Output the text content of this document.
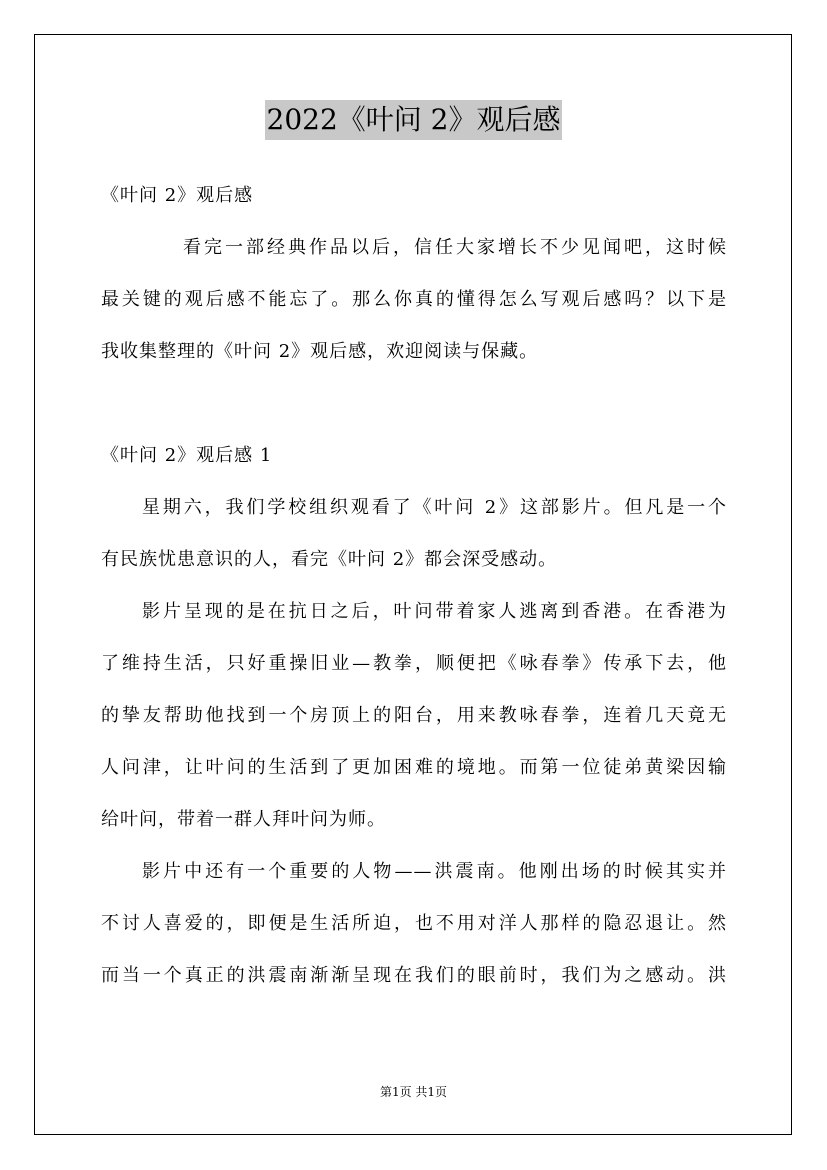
2022《叶问 2》观后感
《叶问 2》观后感
看完一部经典作品以后，信任大家增长不少见闻吧，这时候
最关键的观后感不能忘了。那么你真的懂得怎么写观后感吗？以下是
我收集整理的《叶问 2》观后感，欢迎阅读与保藏。
《叶问 2》观后感 1
星期六，我们学校组织观看了《叶问 2》这部影片。但凡是一个
有民族忧患意识的人，看完《叶问 2》都会深受感动。
影片呈现的是在抗日之后，叶问带着家人逃离到香港。在香港为
了维持生活，只好重操旧业—教拳，顺便把《咏春拳》传承下去，他
的挚友帮助他找到一个房顶上的阳台，用来教咏春拳，连着几天竟无
人问津，让叶问的生活到了更加困难的境地。而第一位徒弟黄梁因输
给叶问，带着一群人拜叶问为师。
影片中还有一个重要的人物——洪震南。他刚出场的时候其实并
不讨人喜爱的，即便是生活所迫，也不用对洋人那样的隐忍退让。然
而当一个真正的洪震南渐渐呈现在我们的眼前时，我们为之感动。洪
第1页 共1页
